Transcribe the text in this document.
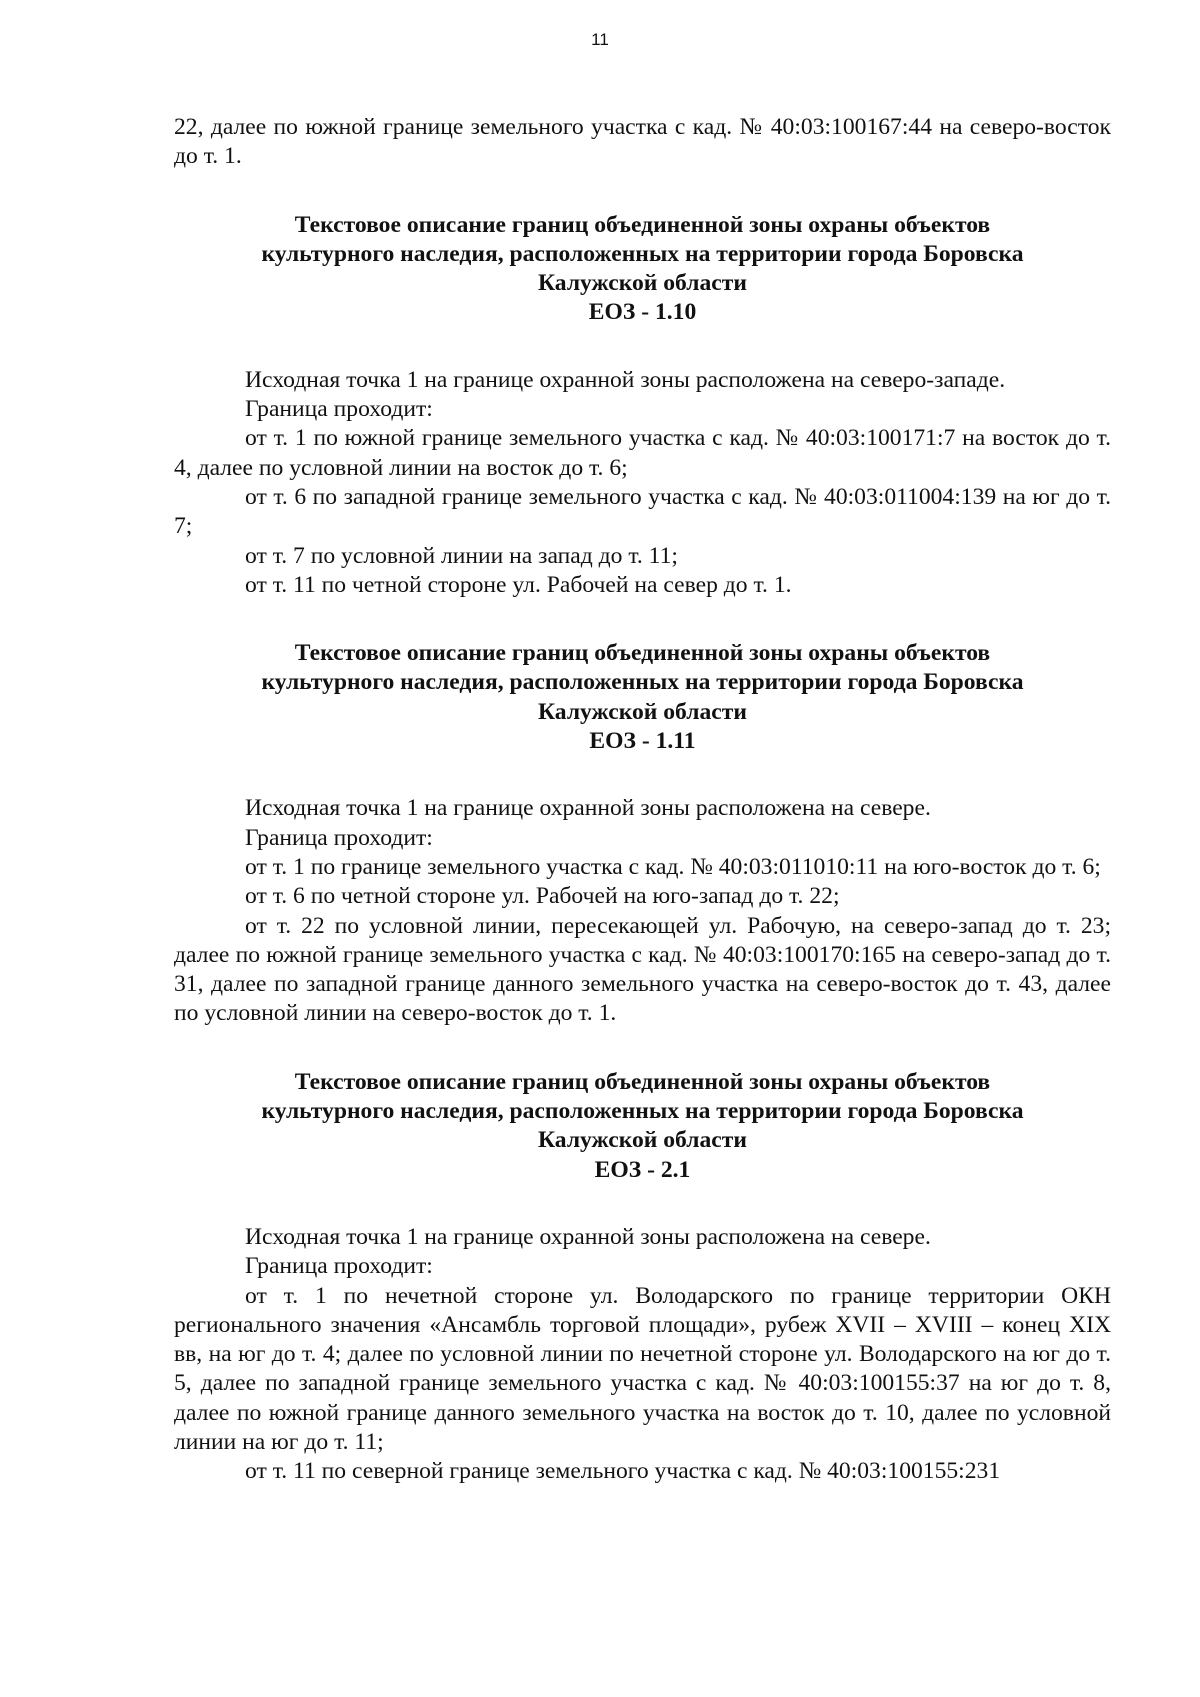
11

22, далее по южной границе земельного участка с кад. № 40:03:100167:44 на северо-восток до т. 1.

Текстовое описание границ объединенной зоны охраны объектов
культурного наследия, расположенных на территории города Боровска
Калужской области
ЕОЗ - 1.10

Исходная точка 1 на границе охранной зоны расположена на северо-западе.

Граница проходит:

от т. 1 по южной границе земельного участка с кад. № 40:03:100171:7 на восток до т. 4, далее по условной линии на восток до т. 6;

от т. 6 по западной границе земельного участка с кад. № 40:03:011004:139 на юг до т. 7;

от т. 7 по условной линии на запад до т. 11;

от т. 11 по четной стороне ул. Рабочей на север до т. 1.

Текстовое описание границ объединенной зоны охраны объектов
культурного наследия, расположенных на территории города Боровска
Калужской области
ЕОЗ - 1.11

Исходная точка 1 на границе охранной зоны расположена на севере.

Граница проходит:

от т. 1 по границе земельного участка с кад. № 40:03:011010:11 на юго-восток до т. 6;

от т. 6 по четной стороне ул. Рабочей на юго-запад до т. 22;

от т. 22 по условной линии, пересекающей ул. Рабочую, на северо-запад до т. 23; далее по южной границе земельного участка с кад. № 40:03:100170:165 на северо-запад до т. 31, далее по западной границе данного земельного участка на северо-восток до т. 43, далее по условной линии на северо-восток до т. 1.

Текстовое описание границ объединенной зоны охраны объектов
культурного наследия, расположенных на территории города Боровска
Калужской области
ЕОЗ - 2.1

Исходная точка 1 на границе охранной зоны расположена на севере.

Граница проходит:

от т. 1 по нечетной стороне ул. Володарского по границе территории ОКН регионального значения «Ансамбль торговой площади», рубеж XVII – XVIII – конец XIX вв, на юг до т. 4; далее по условной линии по нечетной стороне ул. Володарского на юг до т. 5, далее по западной границе земельного участка с кад. № 40:03:100155:37 на юг до т. 8, далее по южной границе данного земельного участка на восток до т. 10, далее по условной линии на юг до т. 11;

от т. 11 по северной границе земельного участка с кад. № 40:03:100155:231
